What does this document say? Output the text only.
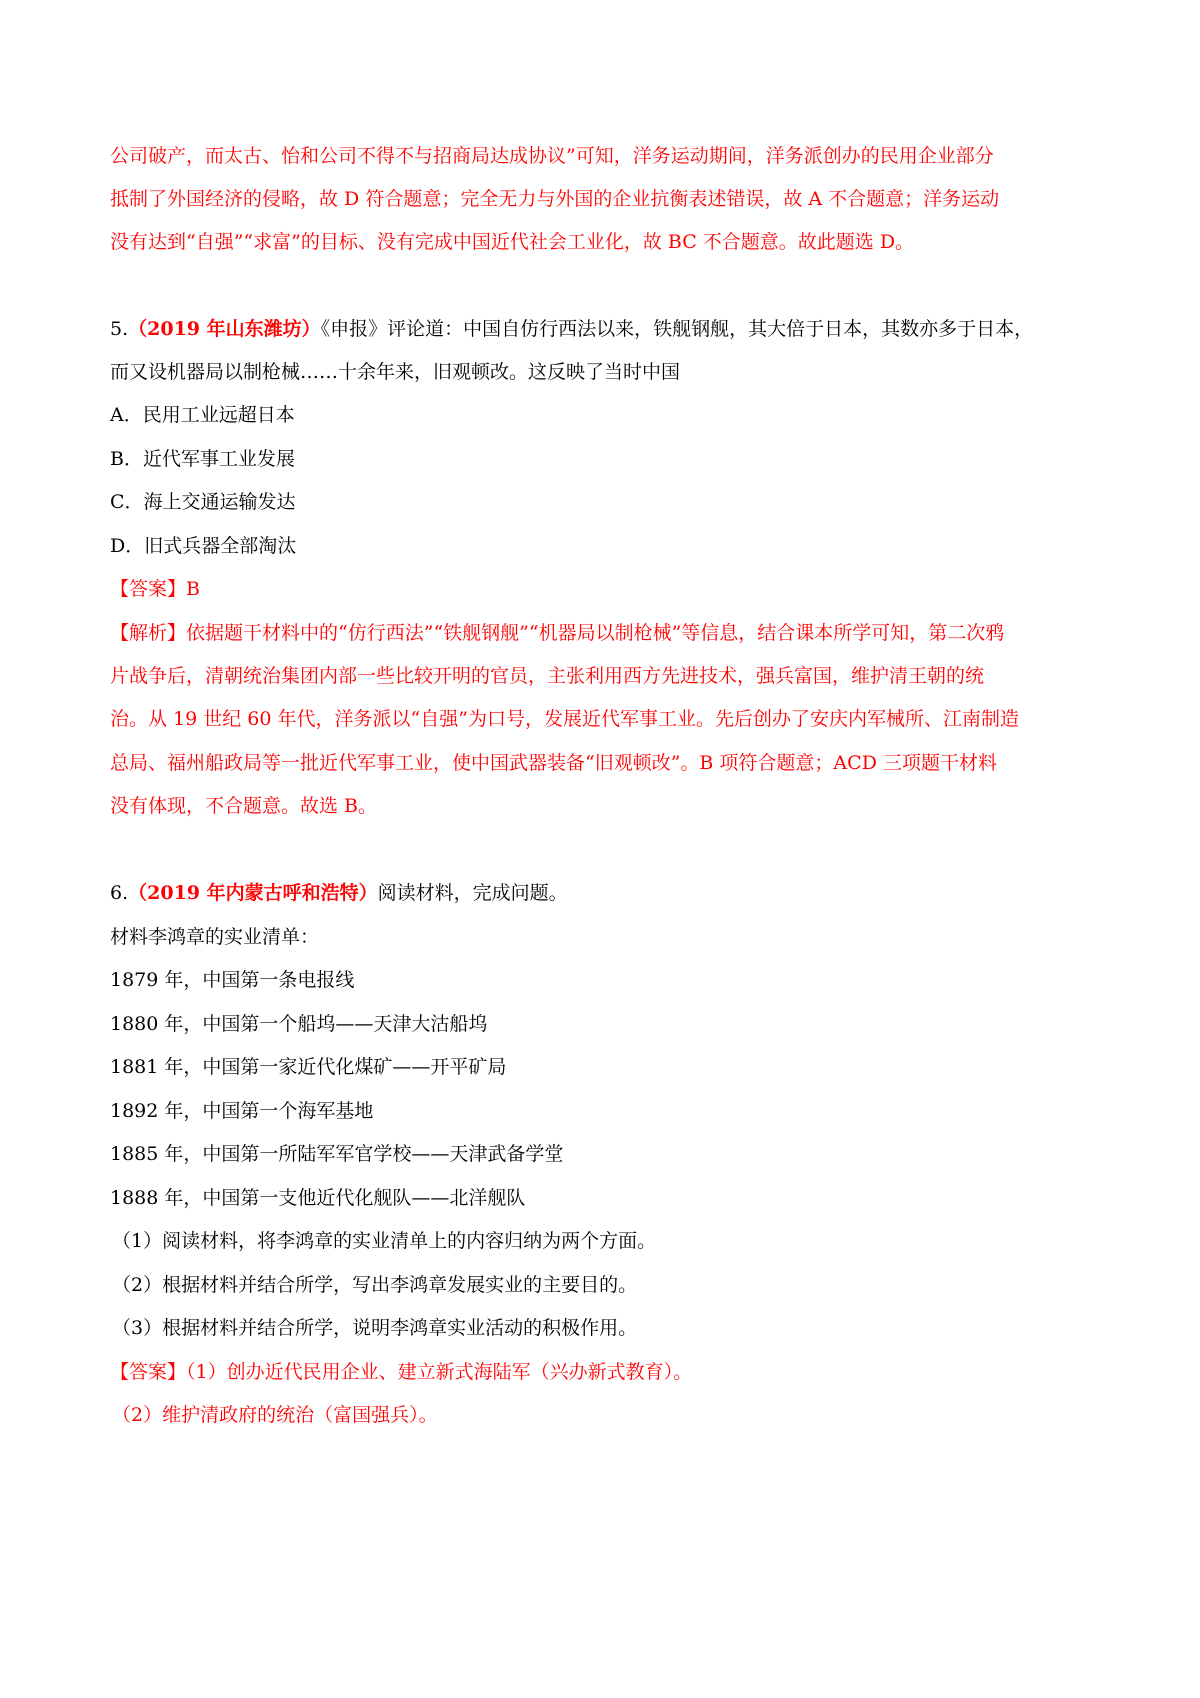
公司破产，而太古、怡和公司不得不与招商局达成协议”可知，洋务运动期间，洋务派创办的民用企业部分
抵制了外国经济的侵略，故 D 符合题意；完全无力与外国的企业抗衡表述错误，故 A 不合题意；洋务运动
没有达到“自强”“求富”的目标、没有完成中国近代社会工业化，故 BC 不合题意。故此题选 D。
5.（2019 年山东潍坊）《申报》评论道：中国自仿行西法以来，铁舰钢舰，其大倍于日本，其数亦多于日本，
而又设机器局以制枪械……十余年来，旧观顿改。这反映了当时中国
A．民用工业远超日本
B．近代军事工业发展
C．海上交通运输发达
D．旧式兵器全部淘汰
【答案】B
【解析】依据题干材料中的“仿行西法”“铁舰钢舰”“机器局以制枪械”等信息，结合课本所学可知，第二次鸦
片战争后，清朝统治集团内部一些比较开明的官员，主张利用西方先进技术，强兵富国，维护清王朝的统
治。从 19 世纪 60 年代，洋务派以“自强”为口号，发展近代军事工业。先后创办了安庆内军械所、江南制造
总局、福州船政局等一批近代军事工业，使中国武器装备“旧观顿改”。B 项符合题意；ACD 三项题干材料
没有体现，不合题意。故选 B。
6.（2019 年内蒙古呼和浩特）阅读材料，完成问题。
材料李鸿章的实业清单：
1879 年，中国第一条电报线
1880 年，中国第一个船坞——天津大沽船坞
1881 年，中国第一家近代化煤矿——开平矿局
1892 年，中国第一个海军基地
1885 年，中国第一所陆军军官学校——天津武备学堂
1888 年，中国第一支他近代化舰队——北洋舰队
（1）阅读材料，将李鸿章的实业清单上的内容归纳为两个方面。
（2）根据材料并结合所学，写出李鸿章发展实业的主要目的。
（3）根据材料并结合所学，说明李鸿章实业活动的积极作用。
【答案】（1）创办近代民用企业、建立新式海陆军（兴办新式教育）。
（2）维护清政府的统治（富国强兵）。
